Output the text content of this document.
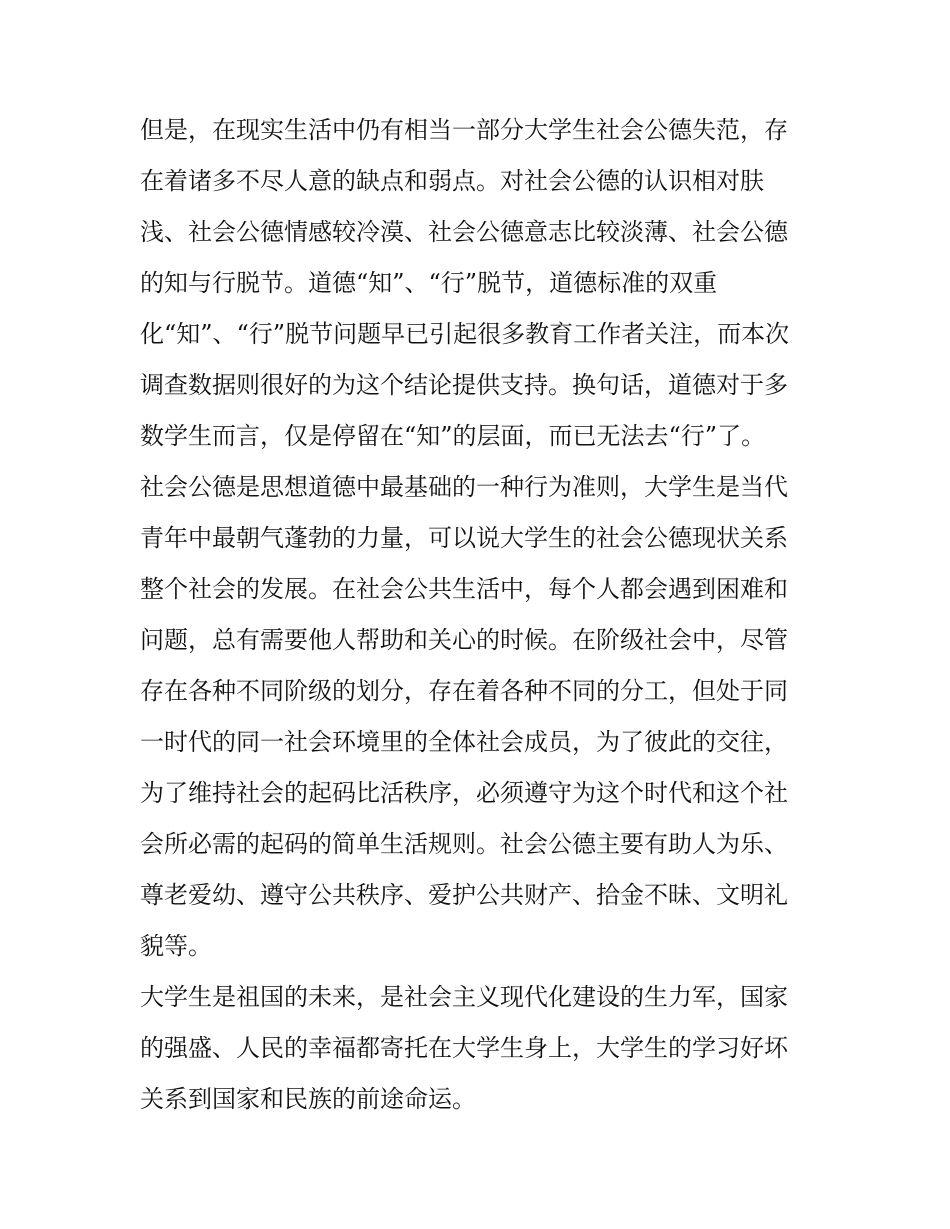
但是，在现实生活中仍有相当一部分大学生社会公德失范，存
在着诸多不尽人意的缺点和弱点。对社会公德的认识相对肤
浅、社会公德情感较冷漠、社会公德意志比较淡薄、社会公德
的知与行脱节。道德“知”、“行”脱节，道德标准的双重
化“知”、“行”脱节问题早已引起很多教育工作者关注，而本次
调查数据则很好的为这个结论提供支持。换句话，道德对于多
数学生而言，仅是停留在“知”的层面，而已无法去“行”了。
社会公德是思想道德中最基础的一种行为准则，大学生是当代
青年中最朝气蓬勃的力量，可以说大学生的社会公德现状关系
整个社会的发展。在社会公共生活中，每个人都会遇到困难和
问题，总有需要他人帮助和关心的时候。在阶级社会中，尽管
存在各种不同阶级的划分，存在着各种不同的分工，但处于同
一时代的同一社会环境里的全体社会成员，为了彼此的交往，
为了维持社会的起码比活秩序，必须遵守为这个时代和这个社
会所必需的起码的简单生活规则。社会公德主要有助人为乐、
尊老爱幼、遵守公共秩序、爱护公共财产、拾金不昧、文明礼
貌等。
大学生是祖国的未来，是社会主义现代化建设的生力军，国家
的强盛、人民的幸福都寄托在大学生身上，大学生的学习好坏
关系到国家和民族的前途命运。
